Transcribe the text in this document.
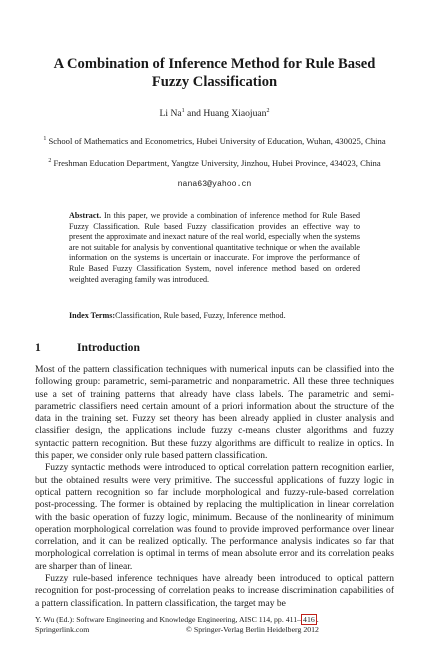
A Combination of Inference Method for Rule Based Fuzzy Classification
Li Na$^1$ and Huang Xiaojuan$^2$
$^1$ School of Mathematics and Econometrics, Hubei University of Education, Wuhan, 430025, China
$^2$ Freshman Education Department, Yangtze University, Jinzhou, Hubei Province, 434023, China
nana63@yahoo.cn

Abstract. In this paper, we provide a combination of inference method for Rule Based Fuzzy Classification. Rule based Fuzzy classification provides an effective way to present the approximate and inexact nature of the real world, especially when the systems are not suitable for analysis by conventional quantitative technique or when the available information on the systems is uncertain or inaccurate. For improve the performance of Rule Based Fuzzy Classification System, novel inference method based on ordered weighted averaging family was introduced.

Index Terms:Classification, Rule based, Fuzzy, Inference method.

1	Introduction

Most of the pattern classification techniques with numerical inputs can be classified into the following group: parametric, semi-parametric and nonparametric. All these three techniques use a set of training patterns that already have class labels. The parametric and semi-parametric classifiers need certain amount of a priori information about the structure of the data in the training set. Fuzzy set theory has been already applied in cluster analysis and classifier design, the applications include fuzzy c-means cluster algorithms and fuzzy syntactic pattern recognition. But these fuzzy algorithms are difficult to realize in optics. In this paper, we consider only rule based pattern classification.

Fuzzy syntactic methods were introduced to optical correlation pattern recognition earlier, but the obtained results were very primitive. The successful applications of fuzzy logic in optical pattern recognition so far include morphological and fuzzy-rule-based correlation post-processing. The former is obtained by replacing the multiplication in linear correlation with the basic operation of fuzzy logic, minimum. Because of the nonlinearity of minimum operation morphological correlation was found to provide improved performance over linear correlation, and it can be realized optically. The performance analysis indicates so far that morphological correlation is optimal in terms of mean absolute error and its correlation peaks are sharper than of linear.

Fuzzy rule-based inference techniques have already been introduced to optical pattern recognition for post-processing of correlation peaks to increase discrimination capabilities of a pattern classification. In pattern classification, the target may be

Y. Wu (Ed.): Software Engineering and Knowledge Engineering, AISC 114, pp. 411– 416 .
Springerlink.com	© Springer-Verlag Berlin Heidelberg 2012
